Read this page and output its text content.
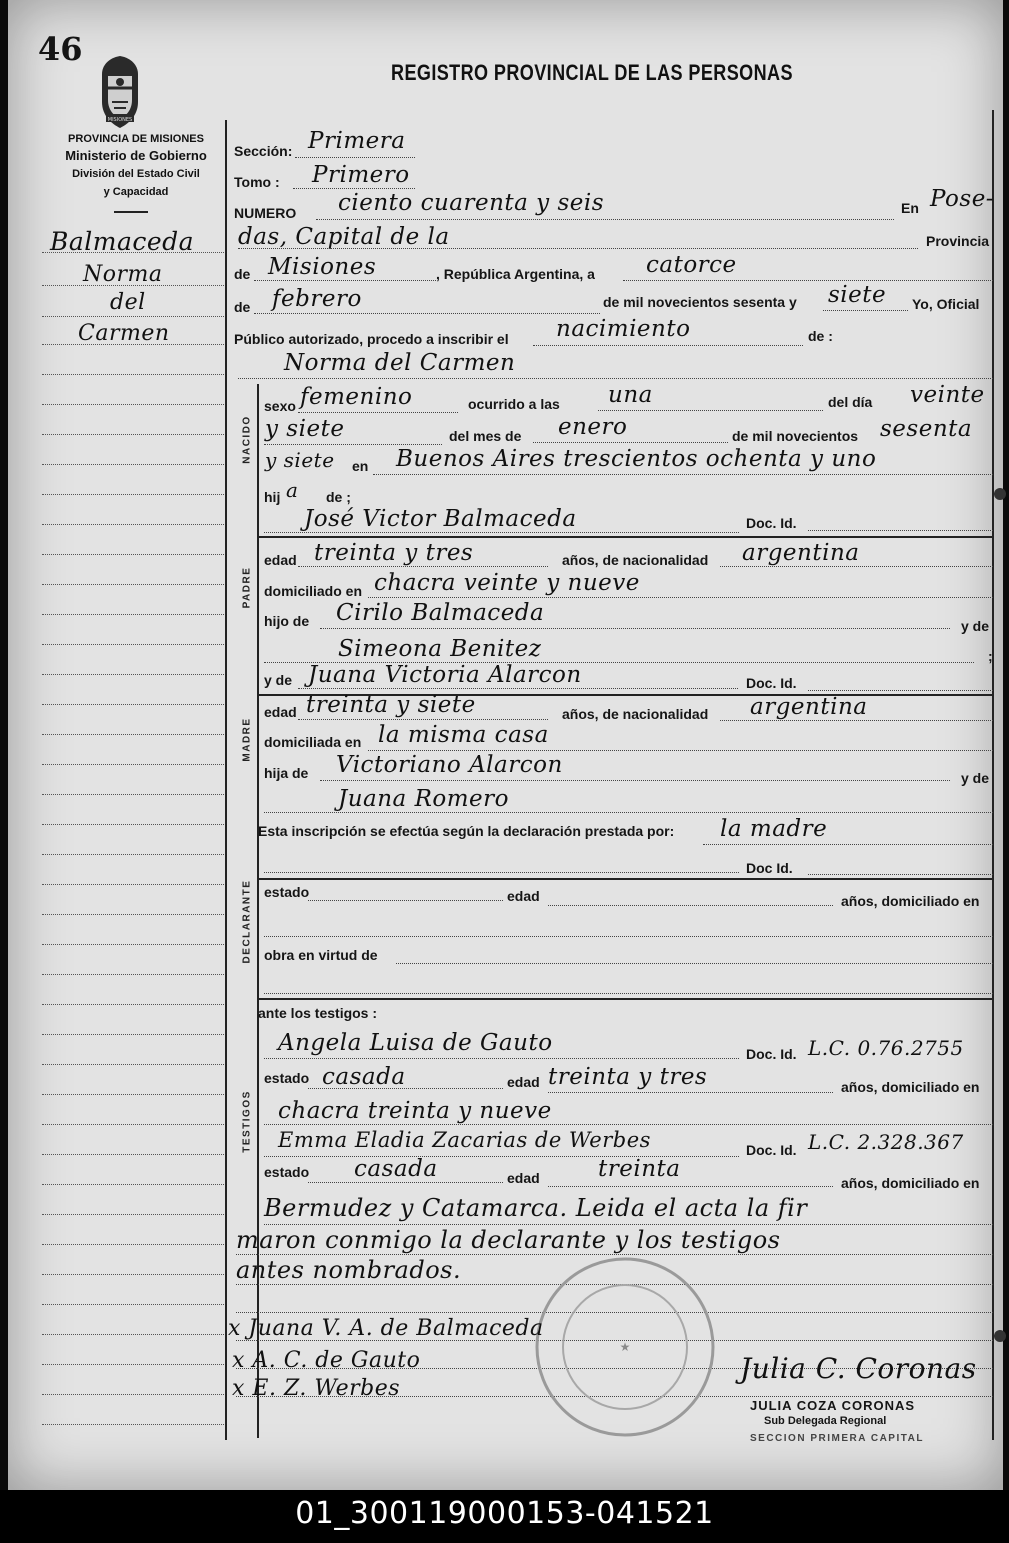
46
MISIONES
PROVINCIA DE MISIONES
Ministerio de Gobierno
División del Estado Civil
y Capacidad
REGISTRO PROVINCIAL DE LAS PERSONAS
Balmaceda
Norma
del
Carmen
Sección: Primera
Tomo : Primero
NUMERO ciento cuarenta y seis	En Pose-
das, Capital de la	Provincia
de Misiones	, República Argentina, a catorce
de febrero	de mil novecientos sesenta y siete Yo, Oficial
Público autorizado, procedo a inscribir el nacimiento	de :
Norma del Carmen
NACIDO
sexo femenino	ocurrido a las una	del día veinte
y siete	del mes de enero	de mil novecientos sesenta
y siete en Buenos Aires trescientos ochenta y uno
hij a de ;
José Victor Balmaceda	Doc. Id.
PADRE
edad treinta y tres	años, de nacionalidad argentina
domiciliado en chacra veinte y nueve
hijo de Cirilo Balmaceda	y de
Simeona Benitez	;
y de Juana Victoria Alarcon	Doc. Id.
MADRE
edad treinta y siete	años, de nacionalidad argentina
domiciliada en la misma casa
hija de Victoriano Alarcon	y de
Juana Romero
Esta inscripción se efectúa según la declaración prestada por: la madre
Doc Id.
DECLARANTE estado	edad	años, domiciliado en
obra en virtud de
ante los testigos :
TESTIGOS
Angela Luisa de Gauto	Doc. Id. L.C. 0.76.2755
estado casada	edad treinta y tres	años, domiciliado en
chacra treinta y nueve
Emma Eladia Zacarias de Werbes	Doc. Id. L.C. 2.328.367
estado casada	edad	treinta
años, domiciliado en
Bermudez y Catamarca. Leida el acta la fir
maron conmigo la declarante y los testigos
antes nombrados.
★
x Juana V. A. de Balmaceda
x A. C. de Gauto
x E. Z. Werbes
Julia C. Coronas
JULIA COZA CORONAS
Sub Delegada Regional
SECCION PRIMERA CAPITAL
01_300119000153-041521
